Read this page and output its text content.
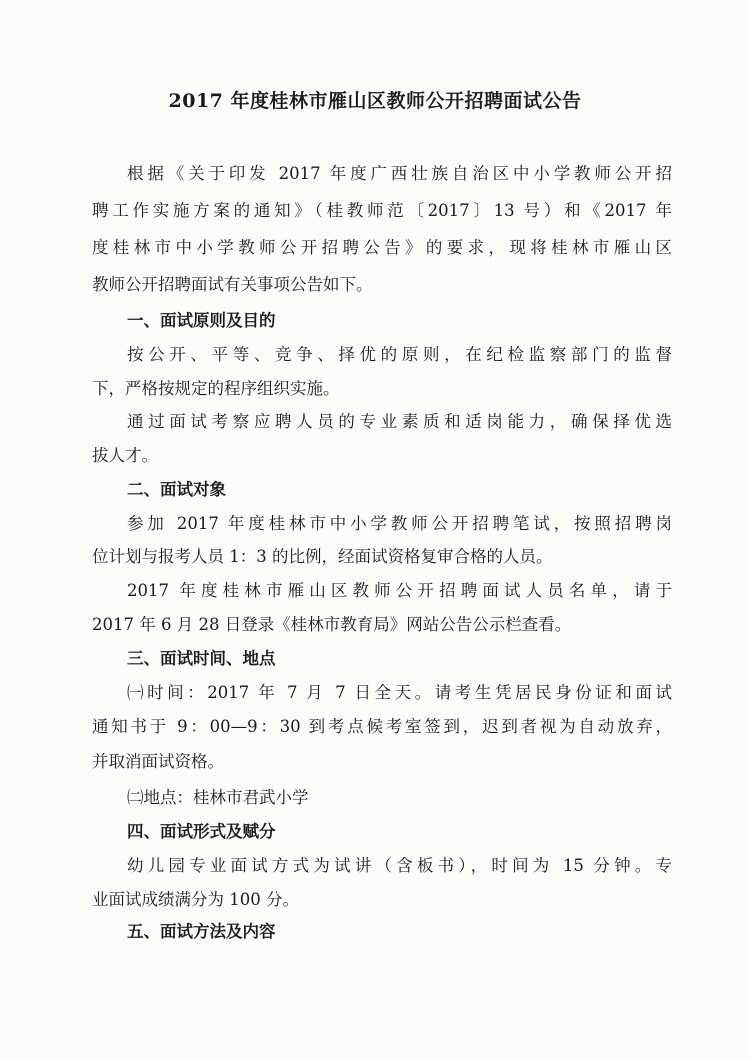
2017 年度桂林市雁山区教师公开招聘面试公告
根据《关于印发 2017 年度广西壮族自治区中小学教师公开招
聘工作实施方案的通知》（桂教师范〔2017〕13 号）和《2017 年
度桂林市中小学教师公开招聘公告》的要求，现将桂林市雁山区
教师公开招聘面试有关事项公告如下。
一、面试原则及目的
按公开、平等、竞争、择优的原则，在纪检监察部门的监督
下，严格按规定的程序组织实施。
通过面试考察应聘人员的专业素质和适岗能力，确保择优选
拔人才。
二、面试对象
参加 2017 年度桂林市中小学教师公开招聘笔试，按照招聘岗
位计划与报考人员 1：3 的比例，经面试资格复审合格的人员。
2017 年度桂林市雁山区教师公开招聘面试人员名单，请于
2017 年 6 月 28 日登录《桂林市教育局》网站公告公示栏查看。
三、面试时间、地点
㈠时间：2017 年 7 月 7 日全天。请考生凭居民身份证和面试
通知书于 9：00—9：30 到考点候考室签到，迟到者视为自动放弃，
并取消面试资格。
㈡地点：桂林市君武小学
四、面试形式及赋分
幼儿园专业面试方式为试讲（含板书），时间为 15 分钟。专
业面试成绩满分为 100 分。
五、面试方法及内容
